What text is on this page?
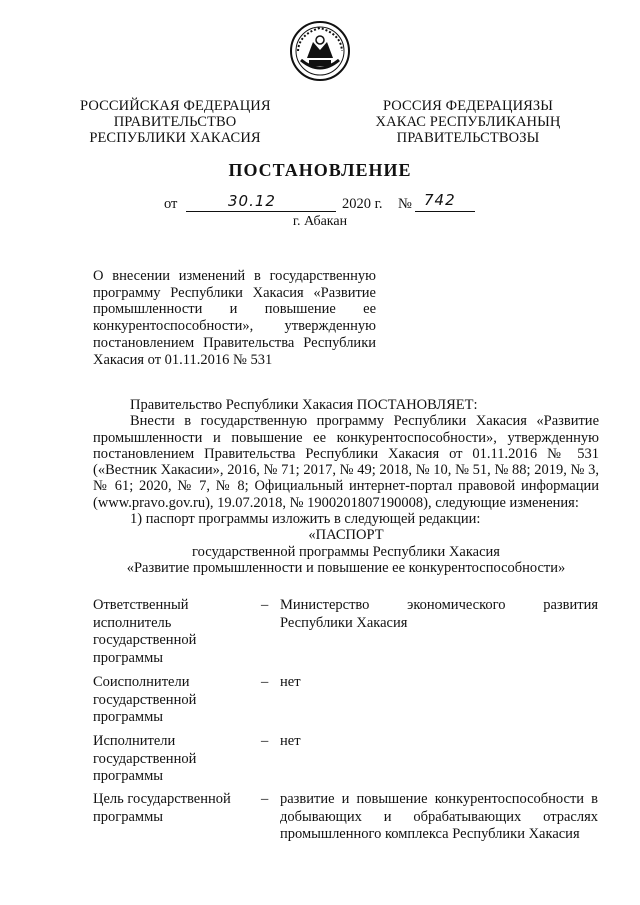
РОССИЙСКАЯ ФЕДЕРАЦИЯ
ПРАВИТЕЛЬСТВО
РЕСПУБЛИКИ ХАКАСИЯ
РОССИЯ ФЕДЕРАЦИЯЗЫ
ХАКАС РЕСПУБЛИКАНЫҢ
ПРАВИТЕЛЬСТВОЗЫ
ПОСТАНОВЛЕНИЕ
от	30.12	2020 г. № 742
г. Абакан
О внесении изменений в государственную программу Республики Хакасия «Развитие промышленности и повышение ее конкурентоспособности», утвержденную постановлением Правительства Республики Хакасия от 01.11.2016 № 531
Правительство Республики Хакасия ПОСТАНОВЛЯЕТ:
Внести в государственную программу Республики Хакасия «Развитие промышленности и повышение ее конкурентоспособности», утвержденную постановлением Правительства Республики Хакасия от 01.11.2016 № 531 («Вестник Хакасии», 2016, № 71; 2017, № 49; 2018, № 10, № 51, № 88; 2019, № 3, № 61; 2020, № 7, № 8; Официальный интернет-портал правовой информации (www.pravo.gov.ru), 19.07.2018, № 1900201807190008), следующие изменения:
1) паспорт программы изложить в следующей редакции:
«ПАСПОРТ
государственной программы Республики Хакасия
«Развитие промышленности и повышение ее конкурентоспособности»
Ответственный исполнитель государственной программы
– Министерство экономического развития Республики Хакасия
Соисполнители государственной программы
– нет
Исполнители государственной программы
– нет
Цель государственной программы
– развитие и повышение конкурентоспособности в добывающих и обрабатывающих отраслях промышленного комплекса Республики Хакасия
